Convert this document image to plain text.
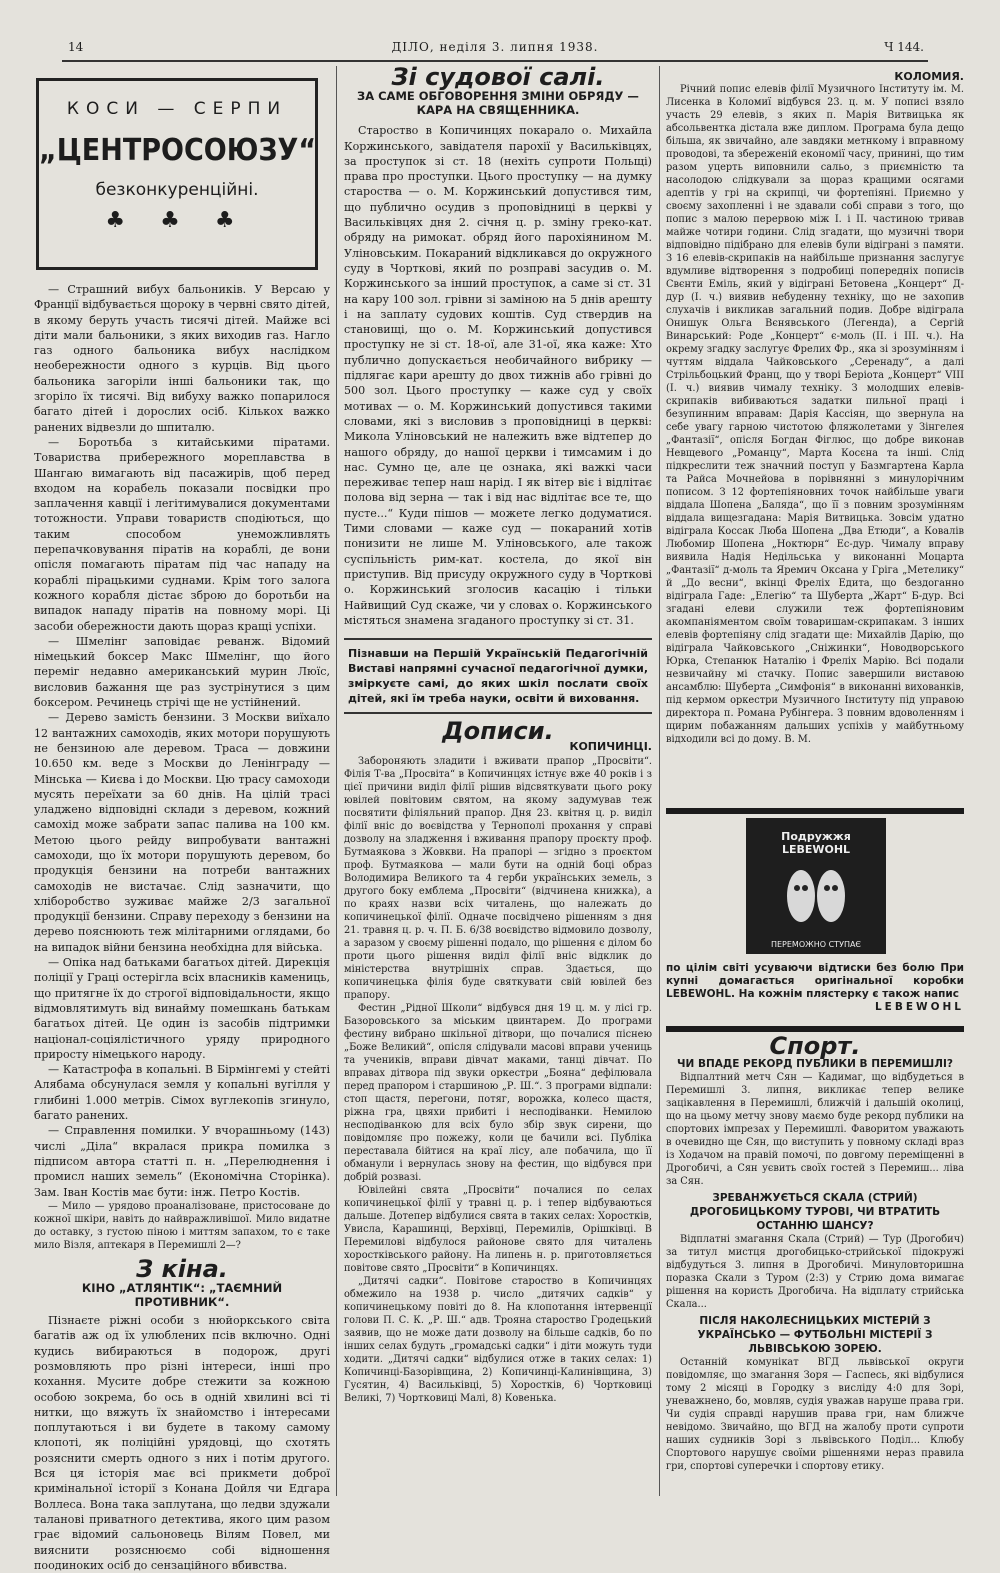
14	ДІЛО, неділя 3. липня 1938.	Ч 144.
КОСИ — СЕРПИ
„ЦЕНТРОСОЮЗУ“
безконкуренційні.
♣ ♣ ♣

— Страшний вибух бальоників. У Версаю у Франції відбувається щороку в червні свято дітей, в якому беруть участь тисячі дітей. Майже всі діти мали бальоники, з яких виходив газ. Нагло газ одного бальоника вибух наслідком необережности одного з курців. Від цього бальоника загоріли інші бальоники так, що згоріло їх тисячі. Від вибуху важко попарилося багато дітей і дорослих осіб. Кількох важко ранених відвезли до шпиталю.

— Боротьба з китайськими піратами. Товариства прибережного мореплавства в Шангаю вимагають від пасажирів, щоб перед входом на корабель показали посвідки про заплачення кавції і легітимувалися документами тотожности. Управи товариств сподіються, що таким способом унеможливлять перепачковування піратів на кораблі, де вони опісля помагають піратам під час нападу на кораблі пірацькими суднами. Крім того залога кожного корабля дістає зброю до боротьби на випадок нападу піратів на повному морі. Ці засоби обережности дають щораз кращі успіхи.

— Шмелінг заповідає реванж. Відомий німецький боксер Макс Шмелінг, що його переміг недавно американський мурин Люїс, висловив бажання ще раз зустрінутися з цим боксером. Речинець стрічі ще не устійнений.

— Дерево замість бензини. З Москви виїхало 12 вантажних самоходів, яких мотори порушують не бензиною але деревом. Траса — довжини 10.650 км. веде з Москви до Ленінграду — Мінська — Києва і до Москви. Цю трасу самоходи мусять переїхати за 60 днів. На цілій трасі уладжено відповідні склади з деревом, кожний самохід може забрати запас палива на 100 км. Метою цього рейду випробувати вантажні самоходи, що їх мотори порушують деревом, бо продукція бензини на потреби вантажних самоходів не вистачає. Слід зазначити, що хліборобство зуживає майже 2/3 загальної продукції бензини. Справу переходу з бензини на дерево пояснюють теж мілітарними оглядами, бо на випадок війни бензина необхідна для війська.

— Опіка над батьками багатьох дітей. Дирекція поліції у Граці остерігла всіх власників камениць, що притягне їх до строгої відповідальности, якщо відмовлятимуть від винайму помешкань батькам багатьох дітей. Це один із засобів підтримки націонал-соціялістичного уряду природного приросту німецького народу.

— Катастрофа в копальні. В Бірмінгемі у стейті Алябама обсунулася земля у копальні вугілля у глибині 1.000 метрів. Сімох вуглекопів згинуло, багато ранених.

— Справлення помилки. У вчорашньому (143) числі „Діла“ вкралася прикра помилка з підписом автора статті п. н. „Перелюднення і промисл наших земель“ (Економічна Сторінка). Зам. Іван Костів має бути: інж. Петро Костів.

— Мило — урядово проаналізоване, пристосоване до кожної шкіри, навіть до найвражливішої. Мило видатне до оставку, з густою піною і миттям запахом, то є таке мило Візля, аптекаря в Перемишлі 2—?

З кіна.
КІНО „АТЛЯНТІК“: „ТАЄМНИЙ ПРОТИВНИК“.

Пізнаєте ріжні особи з нюйоркського світа багатів аж од їх улюблених псів включно. Одні кудись вибираються в подорож, другі розмовляють про різні інтереси, інші про кохання. Мусите добре стежити за кожною особою зокрема, бо ось в одній хвилині всі ті нитки, що вяжуть їх знайомство і інтересами поплутаються і ви будете в такому самому клопоті, як поліційні урядовці, що схотять розяснити смерть одного з них і потім другого. Вся ця історія має всі прикмети доброї кримінальної історії з Конана Дойля чи Едгара Воллеса. Вона така заплутана, що ледви здужали таланові приватного детектива, якого цим разом грає відомий сальоновець Вілям Повел, ми вияснити розяснюємо собі відношення поодиноких осіб до сензаційного вбивства.

Зі судової салі.
ЗА САМЕ ОБГОВОРЕННЯ ЗМІНИ ОБРЯДУ — КАРА НА СВЯЩЕННИКА.

Староство в Копичинцях покарало о. Михайла Коржинського, завідателя парохії у Васильківцях, за проступок зі ст. 18 (нехіть супроти Польщі) права про проступки. Цього проступку — на думку староства — о. М. Коржинський допустився тим, що публично осудив з проповідниці в церкві у Васильківцях дня 2. січня ц. р. зміну греко-кат. обряду на римокат. обряд його парохіянином М. Уліновським. Покараний відкликався до окружного суду в Чорткові, який по розправі засудив о. М. Коржинського за інший проступок, а саме зі ст. 31 на кару 100 зол. грівни зі заміною на 5 днів арешту і на заплату судових коштів. Суд ствердив на становищі, що о. М. Коржинський допустився проступку не зі ст. 18-ої, але 31-ої, яка каже: Хто публично допускається необичайного вибрику — підлягає кари арешту до двох тижнів або грівні до 500 зол. Цього проступку — каже суд у своїх мотивах — о. М. Коржинський допустився такими словами, які з висловив з проповідниці в церкві: Микола Уліновський не належить вже відтепер до нашого обряду, до нашої церкви і тимсамим і до нас. Сумно це, але це ознака, які важкі часи переживає тепер наш нарід. І як вітер віє і відлітає полова від зерна — так і від нас відлітає все те, що пусте...“ Куди пішов — можете легко додуматися. Тими словами — каже суд — покараний хотів понизити не лише М. Уліновського, але також суспільність рим-кат. костела, до якої він приступив. Від присуду окружного суду в Чорткові о. Коржинський зголосив касацію і тільки Найвищий Суд скаже, чи у словах о. Коржинського містяться знамена згаданого проступку зі ст. 31.

Пізнавши на Першій Українській Педагогічній Виставі напрямні сучасної педагогічної думки, зміркуєте самі, до яких шкіл послати своїх дітей, які їм треба науки, освіти й виховання.
Дописи.
КОПИЧИНЦІ.

Забороняють зладити і вживати прапор „Просвіти“. Філія Т-ва „Просвіта“ в Копичинцях істнує вже 40 років і з цієї причини виділ філії рішив відсвяткувати цього року ювілей повітовим святом, на якому задумував теж посвятити філіяльний прапор. Дня 23. квітня ц. р. виділ філії вніс до воєвідства у Тернополі прохання у справі дозволу на зладження і вживання прапору проєкту проф. Бутмаякова з Жовкви. На прапорі — згідно з проєктом проф. Бутмаякова — мали бути на одній боці образ Володимира Великого та 4 герби українських земель, з другого боку емблема „Просвіти“ (відчинена книжка), а по краях назви всіх читалень, що належать до копичинецької філії. Одначе посвідчено рішенням з дня 21. травня ц. р. ч. П. Б. 6/38 воєвідство відмовило дозволу, а заразом у своєму рішенні подало, що рішення є ділом бо проти цього рішення виділ філії вніс відклик до міністерства внутрішніх справ. Здається, що копичинецька філія буде святкувати свій ювілей без прапору.

Фестин „Рідної Школи“ відбувся дня 19 ц. м. у лісі гр. Базоровського за міським цвинтарем. До програми фестину вибрано шкільної дітвори, що почалися піснею „Боже Великий“, опісля слідували масові вправи учениць та учеників, вправи дівчат маками, танці дівчат. По вправах дітвора під звуки оркестри „Бояна“ дефілювала перед прапором і старшиною „Р. Ш.“. З програми відпали: стоп щастя, перегони, потяг, ворожка, колесо щастя, ріжна гра, цвяхи прибиті і несподіванки. Немилою несподіванкою для всіх було збір звук сирени, що повідомляє про пожежу, коли це бачили всі. Публіка переставала бійтися на краї лісу, але побачила, що її обманули і вернулась знову на фестин, що відбувся при добрій розвазі.

Ювілейні свята „Просвіти“ почалися по селах копичинецької філії у травні ц. р. і тепер відбуваються дальше. Дотепер відбулися свята в таких селах: Хоростків, Увисла, Карашинці, Верхівці, Перемилів, Орішківці. В Перемилові відбулося районове свято для читалень хоростківського району. На липень н. р. приготовляється повітове свято „Просвіти“ в Копичинцях.

„Дитячі садки“. Повітове староство в Копичинцях обмежило на 1938 р. число „дитячих садків“ у копичинецькому повіті до 8. На клопотання інтервенції голови П. С. К. „Р. Ш.“ адв. Трояна староство Гродецький заявив, що не може дати дозволу на більше садків, бо по інших селах будуть „громадські садки“ і діти можуть туди ходити. „Дитячі садки“ відбулися отже в таких селах: 1) Копичинці-Базорівщина, 2) Копичинці-Калинівщина, 3) Гусятин, 4) Васильківці, 5) Хоростків, 6) Чортковиці Великі, 7) Чортковиці Малі, 8) Ковенька.

КОЛОМИЯ.

Річний попис елевів філії Музичного Інституту ім. М. Лисенка в Коломиї відбувся 23. ц. м. У пописі взяло участь 29 елевів, з яких п. Марія Витвицька як абсольвентка дістала вже диплом. Програма була дещо більша, як звичайно, але завдяки метнкому і вправному проводові, та збереженій економії часу, принині, що тим разом уцерть виповнили сальо, з приємністю та насолодою слідкували за щораз кращими осягами адептів у грі на скрипці, чи фортепіяні. Приємно у своєму захопленні і не здавали собі справи з того, що попис з малою перервою між I. і II. частиною тривав майже чотири години. Слід згадати, що музичні твори відповідно підібрано для елевів були відіграні з памяти. З 16 елевів-скрипаків на найбільше признання заслугує вдумливе відтворення з подробиці попередніх пописів Свєнти Еміль, який у відіграні Бетовена „Концерт“ Д-дур (I. ч.) виявив небуденну техніку, що не захопив слухачів і викликав загальний подив. Добре відіграла Онишук Ольга Вєнявського (Легенда), а Сергій Винарський: Роде „Концерт“ є-моль (II. і III. ч.). На окрему згадку заслугує Фрелих Фр., яка зі зрозумінням і чуттям віддала Чайковського „Серенаду“, а далі Стрільбоцький Франц, що у творі Берiота „Концерт“ VIII (I. ч.) виявив чималу техніку. З молодших елевів-скрипаків вибиваються задатки пильної праці і безупинним вправам: Дарія Кассіян, що звернула на себе увагу гарною чистотою фляжолетами у Зінгелея „Фантазії“, опісля Богдан Фіглюс, що добре виконав Невщевого „Романцу“, Марта Косєна та інші. Слід підкреслити теж значний поступ у Базмгартена Карла та Райса Мочнейова в порівнянні з минулорічним пописом. З 12 фортепіяновних точок найбільше уваги віддала Шопена „Баляда“, що її з повним зрозумінням віддала вищезгадана: Марія Витвицька. Зовсім удатно відіграла Коссак Люба Шопена „Два Етюди“, а Ковалів Любомир Шопена „Ноктюрн“ Ес-дур. Чималу вправу виявила Надія Недільська у виконанні Моцарта „Фантазії“ д-моль та Яремич Оксана у Грiга „Метелику“ й „До весни“, вкінці Фреліх Едита, що бездоганно відіграла Гаде: „Елегію“ та Шуберта „Жарт“ Б-дур. Всі згадані елеви служили теж фортепіяновим акомпаніяментом своїм товаришам-скрипакам. З інших елевів фортепіяну слід згадати ще: Михайлів Дарію, що відіграла Чайковського „Сніжинки“, Новодворського Юрка, Степанюк Наталію і Фреліх Марію. Всі подали незвичайну мі стачку. Попис завершили виставою ансамблю: Шуберта „Симфонія“ в виконанні вихованків, під кермом оркестри Музичного Інституту під управою директора п. Романа Рубінгера. З повним вдоволенням і щирим побажанням дальших успіхів у майбутньому відходили всі до дому. В. М.

Подружжя LEBEWOHL
ПЕРЕМОЖНО СТУПАЄ

по цілім світі усуваючи відтиски без болю При купні домагається оригінальної коробки LEBEWOHL. На кожнім плястерку є також напис

LEBEWOHL
Спорт.
ЧИ ВПАДЕ РЕКОРД ПУБЛИКИ В ПЕРЕМИШЛІ?

Відпалтний метч Сян — Кадимаг, що відбудеться в Перемишлі 3. липня, викликає тепер велике зацікавлення в Перемишлі, ближчій і дальшій околиці, що на цьому метчу знову маємо буде рекорд публики на спортових імпрезах у Перемишлі. Фаворитом уважають в очевидно ще Сян, що виступить у повному складі враз із Ходачом на правій помочі, по довгому переміщенні в Дрогобичі, а Сян уєвить своїх гостей з Перемиш... ліва за Сян.

ЗРЕВАНЖУЄТЬСЯ СКАЛА (СТРИЙ) ДРОГОБИЦЬКОМУ ТУРОВІ, ЧИ ВТРАТИТЬ ОСТАННЮ ШАНСУ?

Відплатні змагання Скала (Стрий) — Тур (Дрогобич) за титул мистця дрогобицько-стрийської підокружі відбудуться 3. липня в Дрогобичі. Минуловторишна поразка Скали з Туром (2:3) у Стрию дома вимагає рішення на користь Дрогобича. На відплату стрийська Скала...

ПІСЛЯ НАКОЛЕСНИЦЬКИХ МІСТЕРІЙ З УКРАЇНСЬКО — ФУТБОЛЬНІ МІСТЕРІЇ З ЛЬВІВСЬКОЮ ЗОРЕЮ.

Останній комунікат ВГД львівської округи повідомляє, що змагання Зоря — Гаспесь, які відбулися тому 2 місяці в Городку з висліду 4:0 для Зорі, уневажнено, бо, мовляв, судія уважав наруше права гри. Чи судія справді нарушив права гри, нам ближче невідомо. Звичайно, що ВГД на жалобу проти супроти наших судників Зорі з львівського Поділ... Клюбу Спортового нарушує своїми рішеннями нераз правила гри, спортові суперечки і спортову етику.
